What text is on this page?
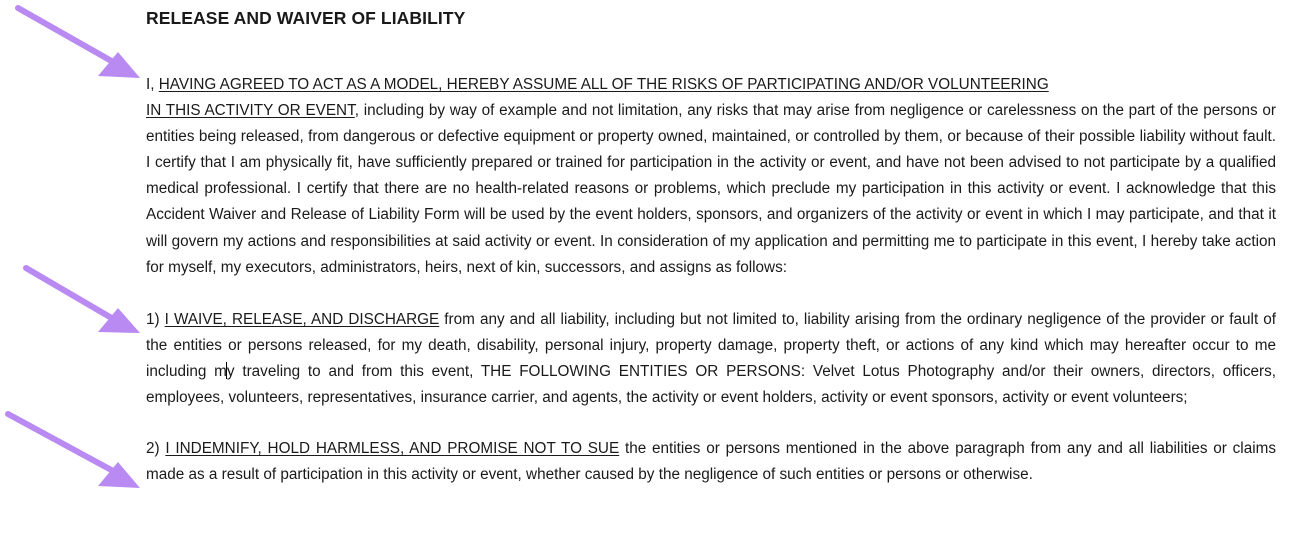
RELEASE AND WAIVER OF LIABILITY

I, HAVING AGREED TO ACT AS A MODEL, HEREBY ASSUME ALL OF THE RISKS OF PARTICIPATING AND/OR VOLUNTEERING
IN THIS ACTIVITY OR EVENT, including by way of example and not limitation, any risks that may arise from negligence or carelessness on the part of the persons or entities being released, from dangerous or defective equipment or property owned, maintained, or controlled by them, or because of their possible liability without fault. I certify that I am physically fit, have sufficiently prepared or trained for participation in the activity or event, and have not been advised to not participate by a qualified medical professional. I certify that there are no health-related reasons or problems, which preclude my participation in this activity or event. I acknowledge that this Accident Waiver and Release of Liability Form will be used by the event holders, sponsors, and organizers of the activity or event in which I may participate, and that it will govern my actions and responsibilities at said activity or event. In consideration of my application and permitting me to participate in this event, I hereby take action for myself, my executors, administrators, heirs, next of kin, successors, and assigns as follows:

1) I WAIVE, RELEASE, AND DISCHARGE from any and all liability, including but not limited to, liability arising from the ordinary negligence of the provider or fault of the entities or persons released, for my death, disability, personal injury, property damage, property theft, or actions of any kind which may hereafter occur to me including my traveling to and from this event, THE FOLLOWING ENTITIES OR PERSONS: Velvet Lotus Photography and/or their owners, directors, officers, employees, volunteers, representatives, insurance carrier, and agents, the activity or event holders, activity or event sponsors, activity or event volunteers;

2) I INDEMNIFY, HOLD HARMLESS, AND PROMISE NOT TO SUE the entities or persons mentioned in the above paragraph from any and all liabilities or claims made as a result of participation in this activity or event, whether caused by the negligence of such entities or persons or otherwise.
